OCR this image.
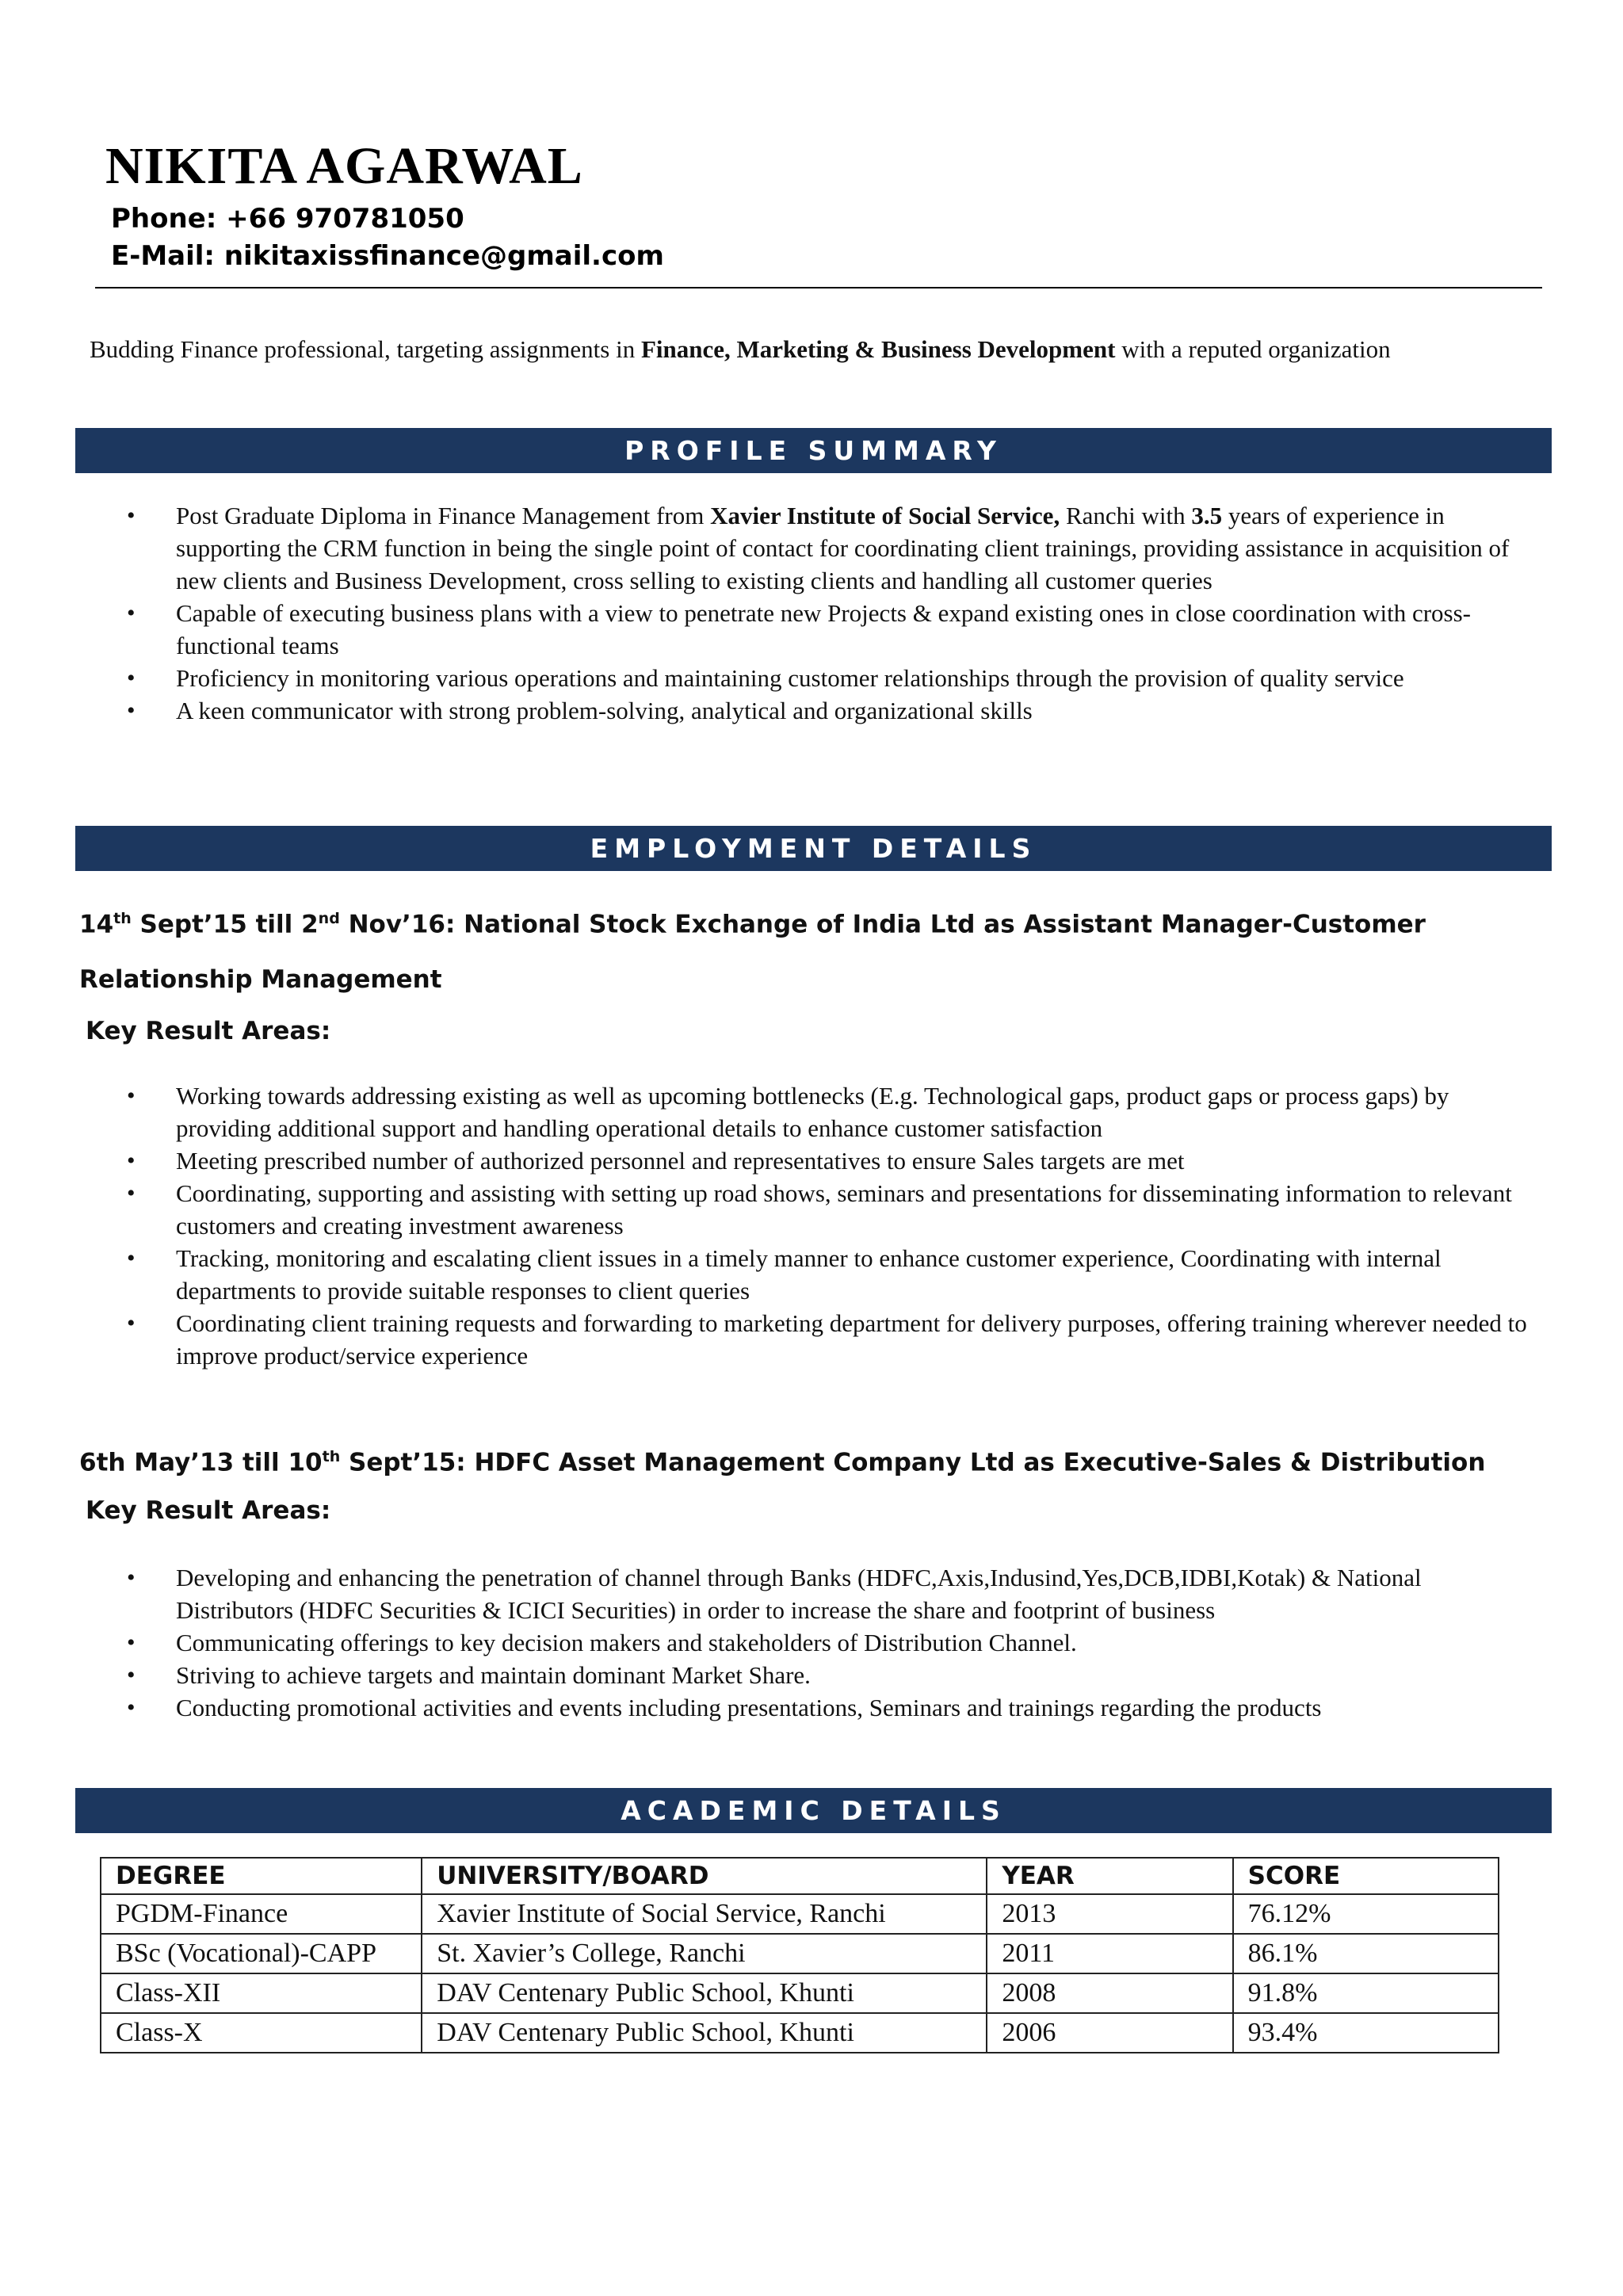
NIKITA AGARWAL
Phone: +66 970781050
E-Mail: nikitaxissfinance@gmail.com
Budding Finance professional, targeting assignments in Finance, Marketing & Business Development with a reputed organization
PROFILE SUMMARY
• Post Graduate Diploma in Finance Management from Xavier Institute of Social Service, Ranchi with 3.5 years of experience in supporting the CRM function in being the single point of contact for coordinating client trainings, providing assistance in acquisition of new clients and Business Development, cross selling to existing clients and handling all customer queries
• Capable of executing business plans with a view to penetrate new Projects & expand existing ones in close coordination with cross-functional teams
• Proficiency in monitoring various operations and maintaining customer relationships through the provision of quality service
• A keen communicator with strong problem-solving, analytical and organizational skills
EMPLOYMENT DETAILS

14th Sept’15 till 2nd Nov’16: National Stock Exchange of India Ltd as Assistant Manager-Customer Relationship Management

Key Result Areas:
• Working towards addressing existing as well as upcoming bottlenecks (E.g. Technological gaps, product gaps or process gaps) by providing additional support and handling operational details to enhance customer satisfaction
• Meeting prescribed number of authorized personnel and representatives to ensure Sales targets are met
• Coordinating, supporting and assisting with setting up road shows, seminars and presentations for disseminating information to relevant customers and creating investment awareness
• Tracking, monitoring and escalating client issues in a timely manner to enhance customer experience, Coordinating with internal departments to provide suitable responses to client queries
• Coordinating client training requests and forwarding to marketing department for delivery purposes, offering training wherever needed to improve product/service experience

6th May’13 till 10th Sept’15: HDFC Asset Management Company Ltd as Executive-Sales & Distribution

Key Result Areas:
• Developing and enhancing the penetration of channel through Banks (HDFC,Axis,Indusind,Yes,DCB,IDBI,Kotak) & National Distributors (HDFC Securities & ICICI Securities) in order to increase the share and footprint of business
• Communicating offerings to key decision makers and stakeholders of Distribution Channel.
• Striving to achieve targets and maintain dominant Market Share.
• Conducting promotional activities and events including presentations, Seminars and trainings regarding the products
ACADEMIC DETAILS
DEGREE	UNIVERSITY/BOARD	YEAR	SCORE
PGDM-Finance	Xavier Institute of Social Service, Ranchi	2013	76.12%
BSc (Vocational)-CAPP	St. Xavier’s College, Ranchi	2011	86.1%
Class-XII	DAV Centenary Public School, Khunti	2008	91.8%
Class-X	DAV Centenary Public School, Khunti	2006	93.4%
